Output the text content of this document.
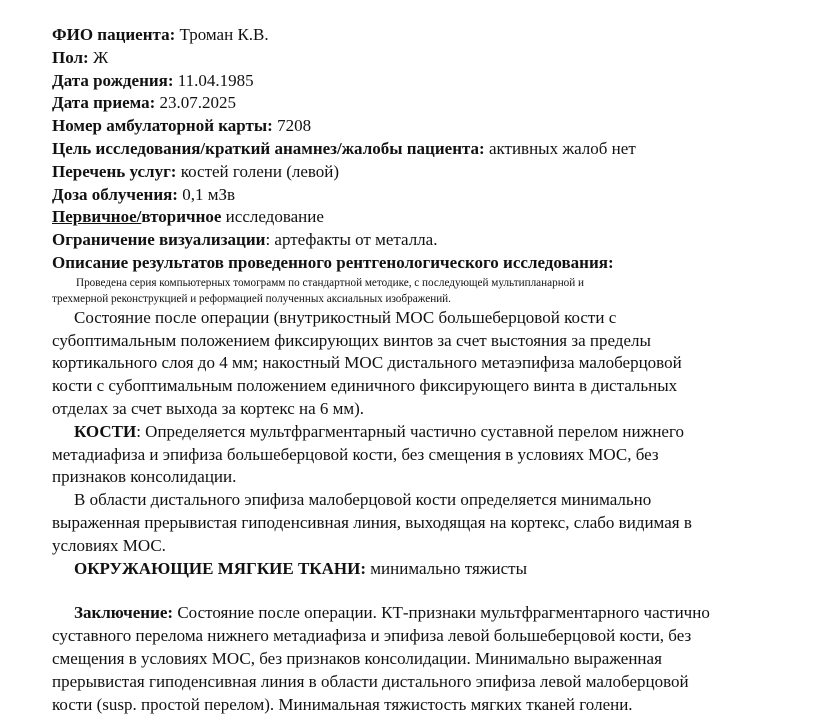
ФИО пациента: Троман К.В.
Пол: Ж
Дата рождения: 11.04.1985
Дата приема: 23.07.2025
Номер амбулаторной карты: 7208
Цель исследования/краткий анамнез/жалобы пациента: активных жалоб нет
Перечень услуг: костей голени (левой)
Доза облучения: 0,1 мЗв
Первичное/вторичное исследование
Ограничение визуализации: артефакты от металла.
Описание результатов проведенного рентгенологического исследования:
Проведена серия компьютерных томограмм по стандартной методике, с последующей мультипланарной и
трехмерной реконструкцией и реформацией полученных аксиальных изображений.
Состояние после операции (внутрикостный МОС большеберцовой кости с
субоптимальным положением фиксирующих винтов за счет выстояния за пределы
кортикального слоя до 4 мм; накостный МОС дистального метаэпифиза малоберцовой
кости с субоптимальным положением единичного фиксирующего винта в дистальных
отделах за счет выхода за кортекс на 6 мм).
КОСТИ: Определяется мультфрагментарный частично суставной перелом нижнего
метадиафиза и эпифиза большеберцовой кости, без смещения в условиях МОС, без
признаков консолидации.
В области дистального эпифиза малоберцовой кости определяется минимально
выраженная прерывистая гиподенсивная линия, выходящая на кортекс, слабо видимая в
условиях МОС.
ОКРУЖАЮЩИЕ МЯГКИЕ ТКАНИ: минимально тяжисты
Заключение: Состояние после операции. КТ-признаки мультфрагментарного частично
суставного перелома нижнего метадиафиза и эпифиза левой большеберцовой кости, без
смещения в условиях МОС, без признаков консолидации. Минимально выраженная
прерывистая гиподенсивная линия в области дистального эпифиза левой малоберцовой
кости (susp. простой перелом). Минимальная тяжистость мягких тканей голени.
